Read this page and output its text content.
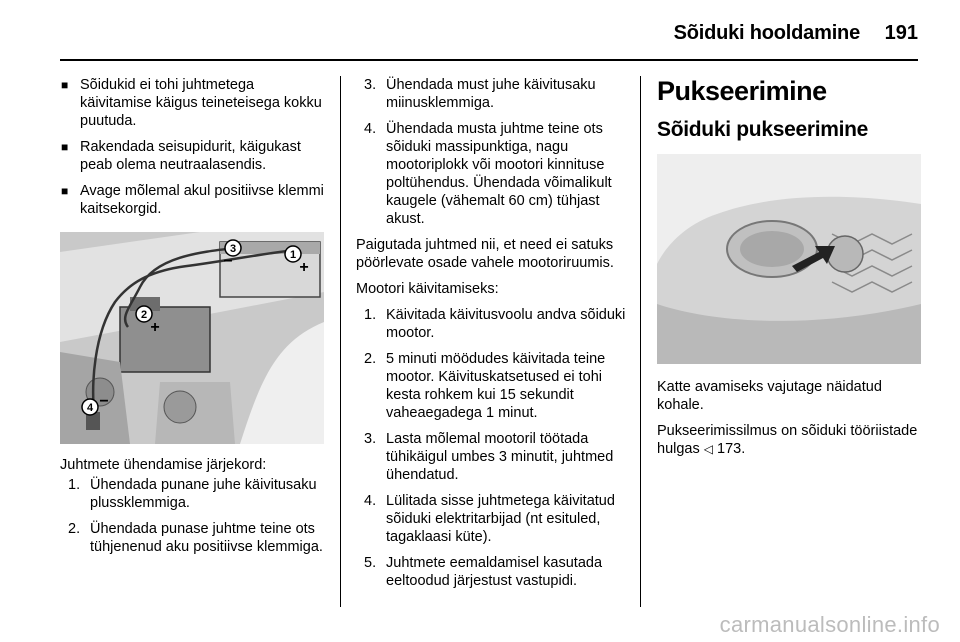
Sõiduki hooldamine 191
■ Sõidukid ei tohi juhtmetega käivitamise käigus teineteisega kokku puutuda.
■ Rakendada seisupidurit, käigukast peab olema neutraalasendis.
■ Avage mõlemal akul positiivse klemmi kaitsekorgid.
3	1
+
−
2
+
4 −

Juhtmete ühendamise järjekord:

1. Ühendada punane juhe käivitusaku plussklemmiga.
2. Ühendada punase juhtme teine ots tühjenenud aku positiivse klemmiga.
3. Ühendada must juhe käivitusaku miinusklemmiga.
4. Ühendada musta juhtme teine ots sõiduki massipunktiga, nagu mootoriplokk või mootori kinnituse poltühendus. Ühendada võimalikult kaugele (vähemalt 60 cm) tühjast akust.

Paigutada juhtmed nii, et need ei satuks pöörlevate osade vahele mootoriruumis.

Mootori käivitamiseks:

1. Käivitada käivitusvoolu andva sõiduki mootor.
2. 5 minuti möödudes käivitada teine mootor. Käivituskatsetused ei tohi kesta rohkem kui 15 sekundit vaheaegadega 1 minut.
3. Lasta mõlemal mootoril töötada tühikäigul umbes 3 minutit, juhtmed ühendatud.
4. Lülitada sisse juhtmetega käivitatud sõiduki elektritarbijad (nt esituled, tagaklaasi küte).
5. Juhtmete eemaldamisel kasutada eeltoodud järjestust vastupidi.
Pukseerimine
Sõiduki pukseerimine

Katte avamiseks vajutage näidatud kohale.

Pukseerimissilmus on sõiduki tööriistade hulgas ◁ 173.

carmanualsonline.info
